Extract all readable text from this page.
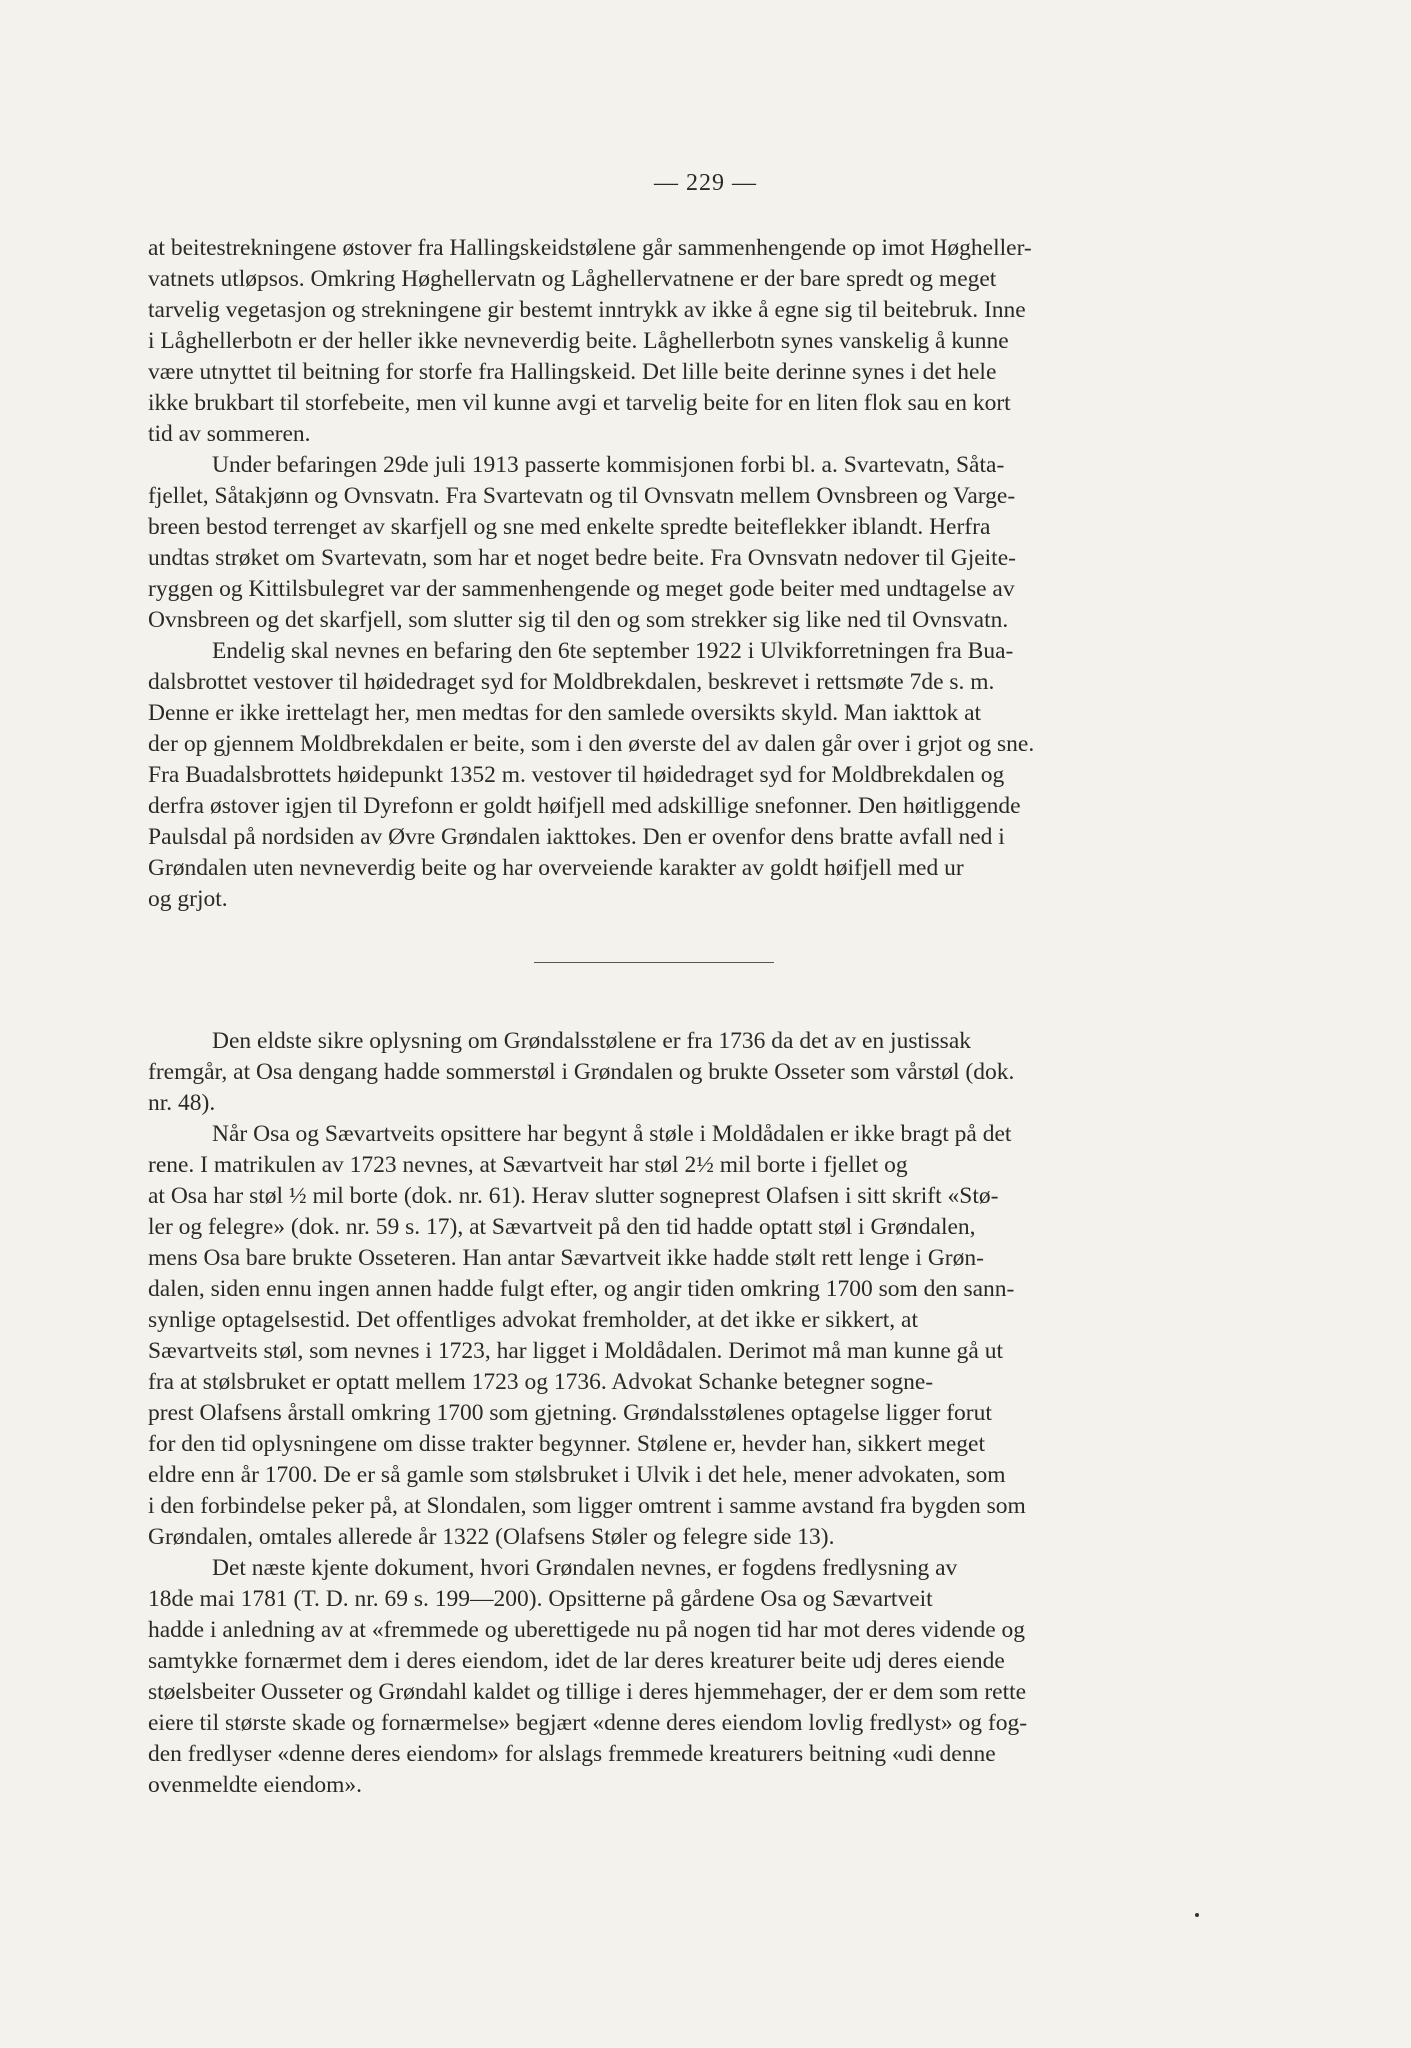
— 229 —

at beitestrekningene østover fra Hallingskeidstølene går sammenhengende op imot Høgheller-
vatnets utløpsos. Omkring Høghellervatn og Låghellervatnene er der bare spredt og meget
tarvelig vegetasjon og strekningene gir bestemt inntrykk av ikke å egne sig til beitebruk. Inne
i Låghellerbotn er der heller ikke nevneverdig beite. Låghellerbotn synes vanskelig å kunne
være utnyttet til beitning for storfe fra Hallingskeid. Det lille beite derinne synes i det hele
ikke brukbart til storfebeite, men vil kunne avgi et tarvelig beite for en liten flok sau en kort
tid av sommeren.

Under befaringen 29de juli 1913 passerte kommisjonen forbi bl. a. Svartevatn, Såta-
fjellet, Såtakjønn og Ovnsvatn. Fra Svartevatn og til Ovnsvatn mellem Ovnsbreen og Varge-
breen bestod terrenget av skarfjell og sne med enkelte spredte beiteflekker iblandt. Herfra
undtas strøket om Svartevatn, som har et noget bedre beite. Fra Ovnsvatn nedover til Gjeite-
ryggen og Kittilsbulegret var der sammenhengende og meget gode beiter med undtagelse av
Ovnsbreen og det skarfjell, som slutter sig til den og som strekker sig like ned til Ovnsvatn.

Endelig skal nevnes en befaring den 6te september 1922 i Ulvikforretningen fra Bua-
dalsbrottet vestover til høidedraget syd for Moldbrekdalen, beskrevet i rettsmøte 7de s. m.
Denne er ikke irettelagt her, men medtas for den samlede oversikts skyld. Man iakttok at
der op gjennem Moldbrekdalen er beite, som i den øverste del av dalen går over i grjot og sne.
Fra Buadalsbrottets høidepunkt 1352 m. vestover til høidedraget syd for Moldbrekdalen og
derfra østover igjen til Dyrefonn er goldt høifjell med adskillige snefonner. Den høitliggende
Paulsdal på nordsiden av Øvre Grøndalen iakttokes. Den er ovenfor dens bratte avfall ned i
Grøndalen uten nevneverdig beite og har overveiende karakter av goldt høifjell med ur
og grjot.

Den eldste sikre oplysning om Grøndalsstølene er fra 1736 da det av en justissak
fremgår, at Osa dengang hadde sommerstøl i Grøndalen og brukte Osseter som vårstøl (dok.
nr. 48).

Når Osa og Sævartveits opsittere har begynt å støle i Moldådalen er ikke bragt på det
rene. I matrikulen av 1723 nevnes, at Sævartveit har støl 2½ mil borte i fjellet og
at Osa har støl ½ mil borte (dok. nr. 61). Herav slutter sogneprest Olafsen i sitt skrift «Stø-
ler og felegre» (dok. nr. 59 s. 17), at Sævartveit på den tid hadde optatt støl i Grøndalen,
mens Osa bare brukte Osseteren. Han antar Sævartveit ikke hadde stølt rett lenge i Grøn-
dalen, siden ennu ingen annen hadde fulgt efter, og angir tiden omkring 1700 som den sann-
synlige optagelsestid. Det offentliges advokat fremholder, at det ikke er sikkert, at
Sævartveits støl, som nevnes i 1723, har ligget i Moldådalen. Derimot må man kunne gå ut
fra at stølsbruket er optatt mellem 1723 og 1736. Advokat Schanke betegner sogne-
prest Olafsens årstall omkring 1700 som gjetning. Grøndalsstølenes optagelse ligger forut
for den tid oplysningene om disse trakter begynner. Stølene er, hevder han, sikkert meget
eldre enn år 1700. De er så gamle som stølsbruket i Ulvik i det hele, mener advokaten, som
i den forbindelse peker på, at Slondalen, som ligger omtrent i samme avstand fra bygden som
Grøndalen, omtales allerede år 1322 (Olafsens Støler og felegre side 13).

Det næste kjente dokument, hvori Grøndalen nevnes, er fogdens fredlysning av
18de mai 1781 (T. D. nr. 69 s. 199—200). Opsitterne på gårdene Osa og Sævartveit
hadde i anledning av at «fremmede og uberettigede nu på nogen tid har mot deres vidende og
samtykke fornærmet dem i deres eiendom, idet de lar deres kreaturer beite udj deres eiende
støelsbeiter Ousseter og Grøndahl kaldet og tillige i deres hjemmehager, der er dem som rette
eiere til største skade og fornærmelse» begjært «denne deres eiendom lovlig fredlyst» og fog-
den fredlyser «denne deres eiendom» for alslags fremmede kreaturers beitning «udi denne
ovenmeldte eiendom».
